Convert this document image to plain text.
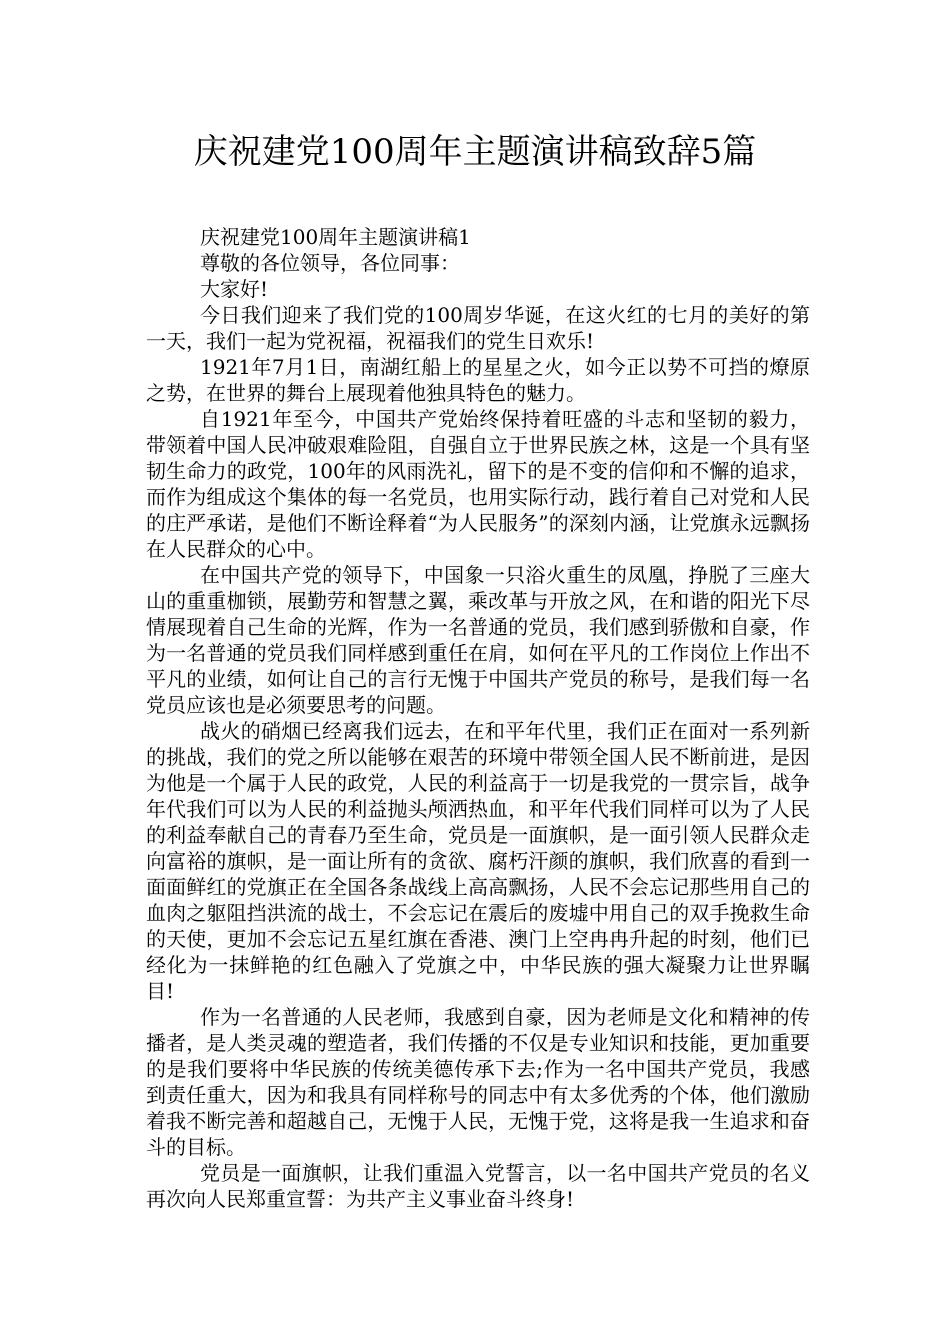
庆祝建党100周年主题演讲稿致辞5篇

庆祝建党100周年主题演讲稿1

尊敬的各位领导，各位同事：

大家好!

今日我们迎来了我们党的100周岁华诞，在这火红的七月的美好的第一天，我们一起为党祝福，祝福我们的党生日欢乐!

1921年7月1日，南湖红船上的星星之火，如今正以势不可挡的燎原之势，在世界的舞台上展现着他独具特色的魅力。

自1921年至今，中国共产党始终保持着旺盛的斗志和坚韧的毅力，带领着中国人民冲破艰难险阻，自强自立于世界民族之林，这是一个具有坚韧生命力的政党，100年的风雨洗礼，留下的是不变的信仰和不懈的追求，而作为组成这个集体的每一名党员，也用实际行动，践行着自己对党和人民的庄严承诺，是他们不断诠释着“为人民服务”的深刻内涵，让党旗永远飘扬在人民群众的心中。

在中国共产党的领导下，中国象一只浴火重生的凤凰，挣脱了三座大山的重重枷锁，展勤劳和智慧之翼，乘改革与开放之风，在和谐的阳光下尽情展现着自己生命的光辉，作为一名普通的党员，我们感到骄傲和自豪，作为一名普通的党员我们同样感到重任在肩，如何在平凡的工作岗位上作出不平凡的业绩，如何让自己的言行无愧于中国共产党员的称号，是我们每一名党员应该也是必须要思考的问题。

战火的硝烟已经离我们远去，在和平年代里，我们正在面对一系列新的挑战，我们的党之所以能够在艰苦的环境中带领全国人民不断前进，是因为他是一个属于人民的政党，人民的利益高于一切是我党的一贯宗旨，战争年代我们可以为人民的利益抛头颅洒热血，和平年代我们同样可以为了人民的利益奉献自己的青春乃至生命，党员是一面旗帜，是一面引领人民群众走向富裕的旗帜，是一面让所有的贪欲、腐朽汗颜的旗帜，我们欣喜的看到一面面鲜红的党旗正在全国各条战线上高高飘扬，人民不会忘记那些用自己的血肉之躯阻挡洪流的战士，不会忘记在震后的废墟中用自己的双手挽救生命的天使，更加不会忘记五星红旗在香港、澳门上空冉冉升起的时刻，他们已经化为一抹鲜艳的红色融入了党旗之中，中华民族的强大凝聚力让世界瞩目!

作为一名普通的人民老师，我感到自豪，因为老师是文化和精神的传播者，是人类灵魂的塑造者，我们传播的不仅是专业知识和技能，更加重要的是我们要将中华民族的传统美德传承下去;作为一名中国共产党员，我感到责任重大，因为和我具有同样称号的同志中有太多优秀的个体，他们激励着我不断完善和超越自己，无愧于人民，无愧于党，这将是我一生追求和奋斗的目标。

党员是一面旗帜，让我们重温入党誓言，以一名中国共产党员的名义再次向人民郑重宣誓：为共产主义事业奋斗终身!
